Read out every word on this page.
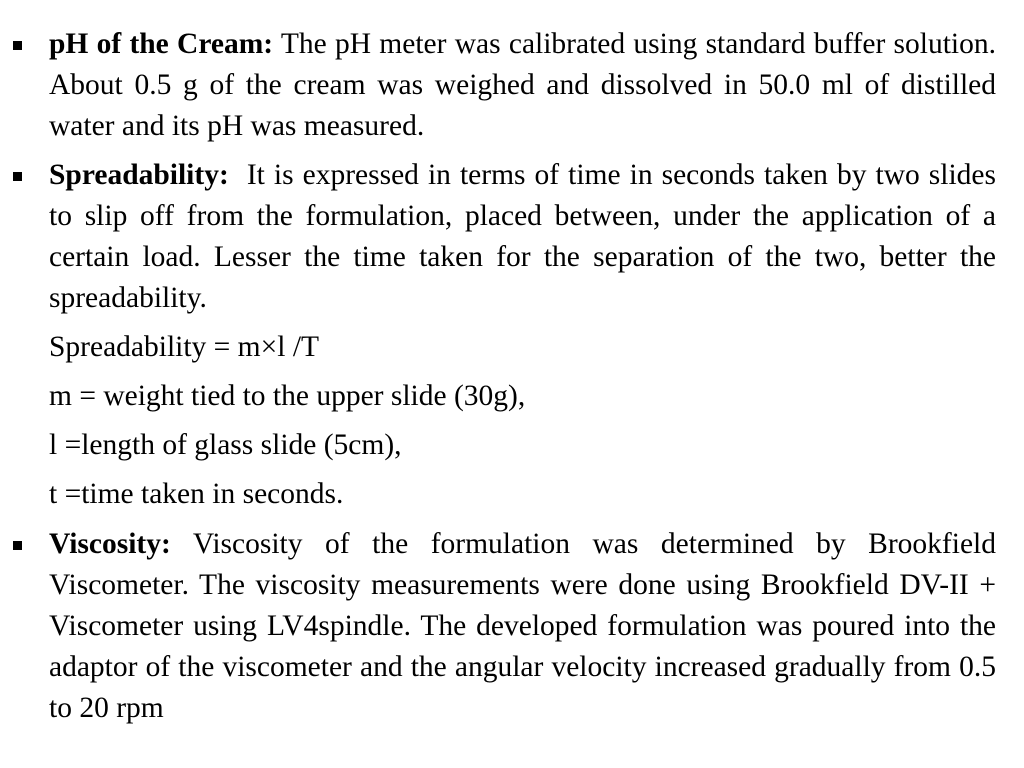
pH of the Cream: The pH meter was calibrated using standard buffer solution. About 0.5 g of the cream was weighed and dissolved in 50.0 ml of distilled water and its pH was measured.
Spreadability:  It is expressed in terms of time in seconds taken by two slides to slip off from the formulation, placed between, under the application of a certain load. Lesser the time taken for the separation of the two, better the spreadability.
Spreadability = m×l /T
m = weight tied to the upper slide (30g),
l =length of glass slide (5cm),
t =time taken in seconds.
Viscosity: Viscosity of the formulation was determined by Brookfield Viscometer. The viscosity measurements were done using Brookfield DV-II + Viscometer using LV4spindle. The developed formulation was poured into the adaptor of the viscometer and the angular velocity increased gradually from 0.5 to 20 rpm
